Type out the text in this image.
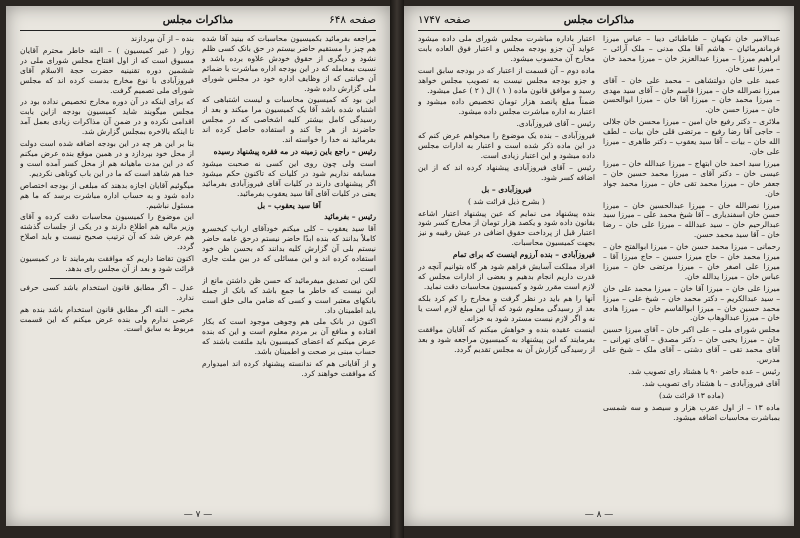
صفحه ۶۴۸
مذاكرات مجلس

مراجعه بفرمائید بکمیسیون محاسبات که بینید آقا شده هم چیز را مستقیم حاضر بیستم در حق بانک کسی ظلم نشود و دیگری از حقوق خودش علاوه برده باشد و نسبت بمعامله که در این بودجه اداره مباشرت با ضمائم آن خیانتی که از وظایف اداره خود در مجلس شورای ملی گزارش داده شود.

این بود که کمیسیون محاسبات و لیست اشتباهی که اشتباه شده باشد آقا یک کمیسیون مرا میکند و بعد از رسیدگی کامل بیشتر کلیه اشخاصی که در مجلس حاضرند از هر جا کند و استفاده حاصل کرده اند بفرمائید نه خدا را خواسته اند.

رئیس – راجع باین زمینه در مه فقره پیشنهاد رسیده

است ولی چون روی این کسی نه صحبت میشود مسابقه نداریم شود در کلیات که تاکنون حکم میشود اگر پیشنهادی دارند در کلیات آقای فیروزآبادی بفرمائید یعنی در کلیات آقای آقا سید یعقوب بفرمائید.

آقا سید یعقوب – بل

رئیس – بفرمائید

آقا سید یعقوب – کلی میکنم خودآقای ارباب کیخسرو کاملاً بدانند که بنده ابدًا حاضر نیستم درحق عامه حاضر نیستم بلی آن گزارش کلیه بدانند که بحسن ظن خود استفاده کرده اند و این مسائلی که در بین ملت جاری است.

لکن این تصدیق میفرمائید که حسن ظن داشتن مانع از این نیست که خاطر ما جمع باشد که بانک از جمله بانکهای معتبر است و کسی که ضامن مالی خلق است باید اطمینان داد.

اکنون در بانک ملی هم وجوهی موجود است که بکار افتاده و منافع آن بر مردم معلوم است و این که بنده عرض میکنم که اعضای کمیسیون باید ملتفت باشند که حساب مبنی بر صحت و اطمینان باشد.

و از آقایانی هم که ندانسته پیشنهاد کرده اند امیدوارم که موافقت خواهند کرد.

بنده – از آن بپردازند

زوار ( غیر کمیسیون ) – البته خاطر محترم آقایان مسبوق است که از اول افتتاح مجلس شورای ملی در ششمین دوره تقنینیه حضرت حجة الاسلام آقای فیروزآبادی با نوع مخارج بدست کرده اند که مجلس شورای ملی تصمیم گرفت.

که برای اینکه در آن دوره مخارج تخصیص نداده بود در مجلس میگویند شاید کمیسیون بودجه ازاین بابت اقدامی نکرده و در ضمن آن مذاکرات زیادی بعمل آمد تا اینکه بالاخره بمجلس گزارش شد.

بنا بر این هر چه در این بودجه اضافه شده است دولت از محل خود بپردازد و در همین موقع بنده عرض میکنم که در این مدت ماهیانه هم از محل کسر آمده است و خدا هم شاهد است که ما در این باب کوتاهی نکردیم.

میگوئیم آقایان اجازه بدهند که مبلغی از بودجه اختصاص داده شود و به حساب اداره مباشرت برسد که ما هم مسئول نباشیم.

این موضوع را کمیسیون محاسبات دقت کرده و آقای وزیر مالیه هم اطلاع دارند و در یکی از جلسات گذشته هم عرض شد که آن ترتیب صحیح نیست و باید اصلاح گردد.

اکنون تقاضا داریم که موافقت بفرمایند تا در کمیسیون قرائت شود و بعد از آن مجلس رای بدهد.

عدل – اگر مطابق قانون استخدام باشد کسی حرفی ندارد.

مخبر – البته اگر مطابق قانون استخدام باشد بنده هم عرضی ندارم ولی بنده عرض میکنم که این قسمت مربوط به سابق است.

— ۷ —
صفحه ۱۷۴۷	مذاکرات مجلس

عبدالامیر خان نکهبان – طباطبائی دیبا – عباس میرزا فرمانفرمائیان – هاشم آقا ملک مدنی – ملک آرائی – ابراهیم میرزا – میرزا عبدالعزیز خان – میرزا محمد خان – میرزا تقی خان.

عمید علی خان دولتشاهی – محمد علی خان – آقای میرزا نصرالله خان – میرزا قاسم خان – آقای سید مهدی – میرزا محمد خان – میرزا آقا خان – میرزا ابوالحسن خان – میرزا حسن خان.

ملائری – دکتر رفیع خان امین – میرزا محسن خان جلالی – حاجی آقا رضا رفیع – مرتضی قلی خان بیات – لطف الله خان – بیات – آقا سید یعقوب – دکتر طاهری – میرزا علی خان.

میرزا سید احمد خان ابتهاج – میرزا عبدالله خان – میرزا عیسی خان – دکتر آقای – میرزا محمد حسین خان – جعفر خان – میرزا محمد تقی خان – میرزا محمد جواد خان.

میرزا نصرالله خان – میرزا عبدالحسین خان – میرزا حسن خان اسفندیاری – آقا شیخ محمد علی – میرزا سید عبدالرحیم خان – سید عبدالله – میرزا علی خان – رضا خان – آقا سید محمد حسن.

رحمانی – میرزا محمد حسن خان – میرزا ابوالفتح خان – میرزا محمد خان – حاج میرزا حسین – حاج میرزا آقا – میرزا علی اصغر خان – میرزا مرتضی خان – میرزا عباس خان – میرزا یدالله خان.

میرزا علی خان – میرزا آقا خان – میرزا محمد علی خان – سید عبدالکریم – دکتر محمد خان – شیخ علی – میرزا محمد حسین خان – میرزا ابوالقاسم خان – میرزا هادی خان – میرزا عبدالوهاب خان.

مجلس شورای ملی – علی اکبر خان – آقای میرزا حسین خان – میرزا یحیی خان – دکتر مصدق – آقای تهرانی – آقای محمد تقی – آقای دشتی – آقای ملک – شیخ علی مدرس.

رئیس – عده حاضر ۹۰ با هشتاد رای تصویب شد.

آقای فیروزآبادی – با هشتاد رای تصویب شد.

(ماده ۱۳ قرائت شد)

ماده ۱۳ – از اول عقرب هزار و سیصد و سه شمسی بمباشرت محاسبات اضافه میشود.

اعتبار باداره مباشرت مجلس شورای ملی داده میشود عواید آن جزو بودجه مجلس و اعتبار فوق العاده بابت مخارج آن محسوب میشود.

ماده دوم – آن قسمت از اعتبار که در بودجه سابق است و جزو بودجه مجلس نیست به تصویب مجلس خواهد رسید و موافق قانون ماده ( ۱ ) ال ( ۲ ) عمل میشود.

ضمناً مبلغ پانصد هزار تومان تخصیص داده میشود و اعتبار به اداره مباشرت مجلس داده میشود.

رئیس – آقای فیروزآبادی.

فیروزآبادی – بنده یک موضوع را میخواهم عرض کنم که در این ماده ذکر شده است و اعتبار به ادارات مجلس داده میشود و این اعتبار زیادی است.

رئیس – آقای فیروزآبادی پیشنهاد کرده اند که از این اضافه کسر شود.

فیروزآبادی – بل

( بشرح ذیل قرائت شد )

بنده پیشنهاد می نمایم که عین پیشنهاد اعتبار اشاعه بقانون داده شود و یکصد هزار تومان از مخارج کسر شود اعتبار قبل از پرداخت حقوق اضافی در عیش رقیبه و نیز بجهت کمیسیون محاسبات.

فیروزآبادی – بنده آرزوم اینست که برای تمام

افراد مملکت آسایش فراهم شود هر گاه بتوانیم آنچه در قدرت داریم انجام بدهیم و بعضی از ادارات مجلس که لازم است مقرر شود و کمیسیون محاسبات دقت نماید.

آنها را هم باید در نظر گرفت و مخارج را کم کرد بلکه بعد از رسیدگی معلوم شود که آیا این مبلغ لازم است یا نه و اگر لازم نیست مسترد شود به خزانه.

اینست عقیده بنده و خواهش میکنم که آقایان موافقت بفرمایند که این پیشنهاد به کمیسیون مراجعه شود و بعد از رسیدگی گزارش آن به مجلس تقدیم گردد.

— ۸ —
